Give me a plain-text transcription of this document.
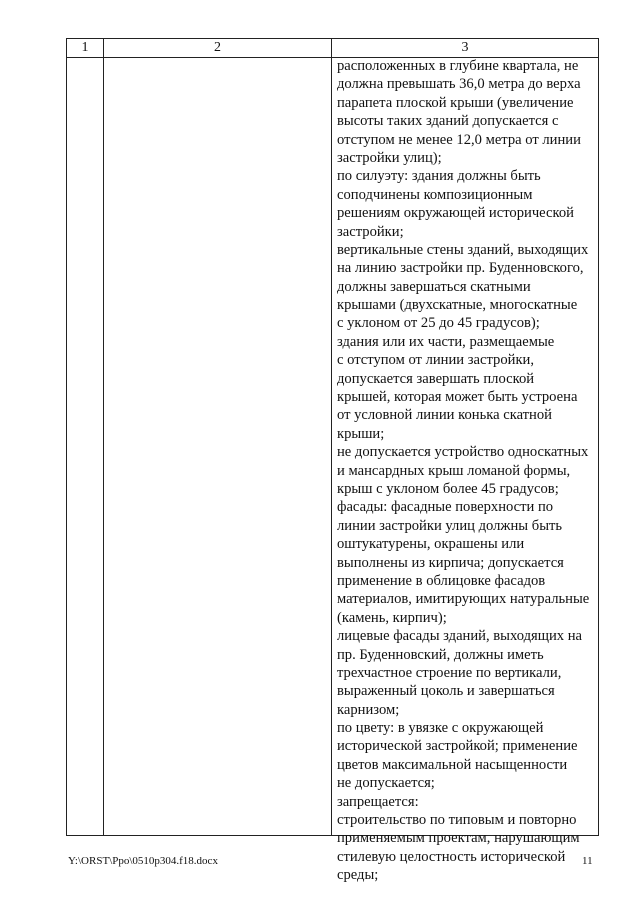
1	2	3
расположенных в глубине квартала, не
должна превышать 36,0 метра до верха
парапета плоской крыши (увеличение
высоты таких зданий допускается с
отступом не менее 12,0 метра от линии
застройки улиц);
по силуэту: здания должны быть
соподчинены композиционным
решениям окружающей исторической
застройки;
вертикальные стены зданий, выходящих
на линию застройки пр. Буденновского,
должны завершаться скатными
крышами (двухскатные, многоскатные
с уклоном от 25 до 45 градусов);
здания или их части, размещаемые
с отступом от линии застройки,
допускается завершать плоской
крышей, которая может быть устроена
от условной линии конька скатной
крыши;
не допускается устройство односкатных
и мансардных крыш ломаной формы,
крыш с уклоном более 45 градусов;
фасады: фасадные поверхности по
линии застройки улиц должны быть
оштукатурены, окрашены или
выполнены из кирпича; допускается
применение в облицовке фасадов
материалов, имитирующих натуральные
(камень, кирпич);
лицевые фасады зданий, выходящих на
пр. Буденновский, должны иметь
трехчастное строение по вертикали,
выраженный цоколь и завершаться
карнизом;
по цвету: в увязке с окружающей
исторической застройкой; применение
цветов максимальной насыщенности
не допускается;
запрещается:
строительство по типовым и повторно
применяемым проектам, нарушающим
стилевую целостность исторической
среды;
Y:\ORST\Ppo\0510p304.f18.docx	11
